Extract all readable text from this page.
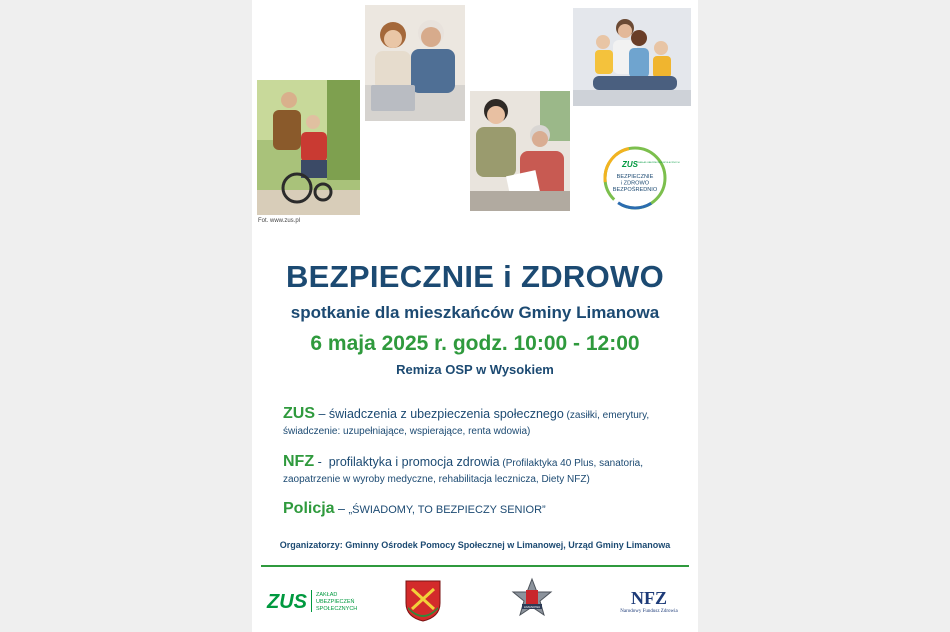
Fot. www.zus.pl
ZUS ZAKŁAD UBEZPIECZEŃ SPOŁECZNYCH
BEZPIECZNIE
i ZDROWO
BEZPOŚREDNIO
BEZPIECZNIE i ZDROWO
spotkanie dla mieszkańców Gminy Limanowa
6 maja 2025 r. godz. 10:00 - 12:00
Remiza OSP w Wysokiem
ZUS – świadczenia z ubezpieczenia społecznego (zasiłki, emerytury,
świadczenie: uzupełniające, wspierające, renta wdowia)
NFZ -  profilaktyka i promocja zdrowia (Profilaktyka 40 Plus, sanatoria,
zaopatrzenie w wyroby medyczne, rehabilitacja lecznicza, Diety NFZ)
Policja – „ŚWIADOMY, TO BEZPIECZY SENIOR”
Organizatorzy: Gminny Ośrodek Pomocy Społecznej w Limanowej, Urząd Gminy Limanowa
ZUS ZAKŁAD
UBEZPIECZEŃ
SPOŁECZNYCH	LIMANOWA	NFZ
Narodowy Fundusz Zdrowia
